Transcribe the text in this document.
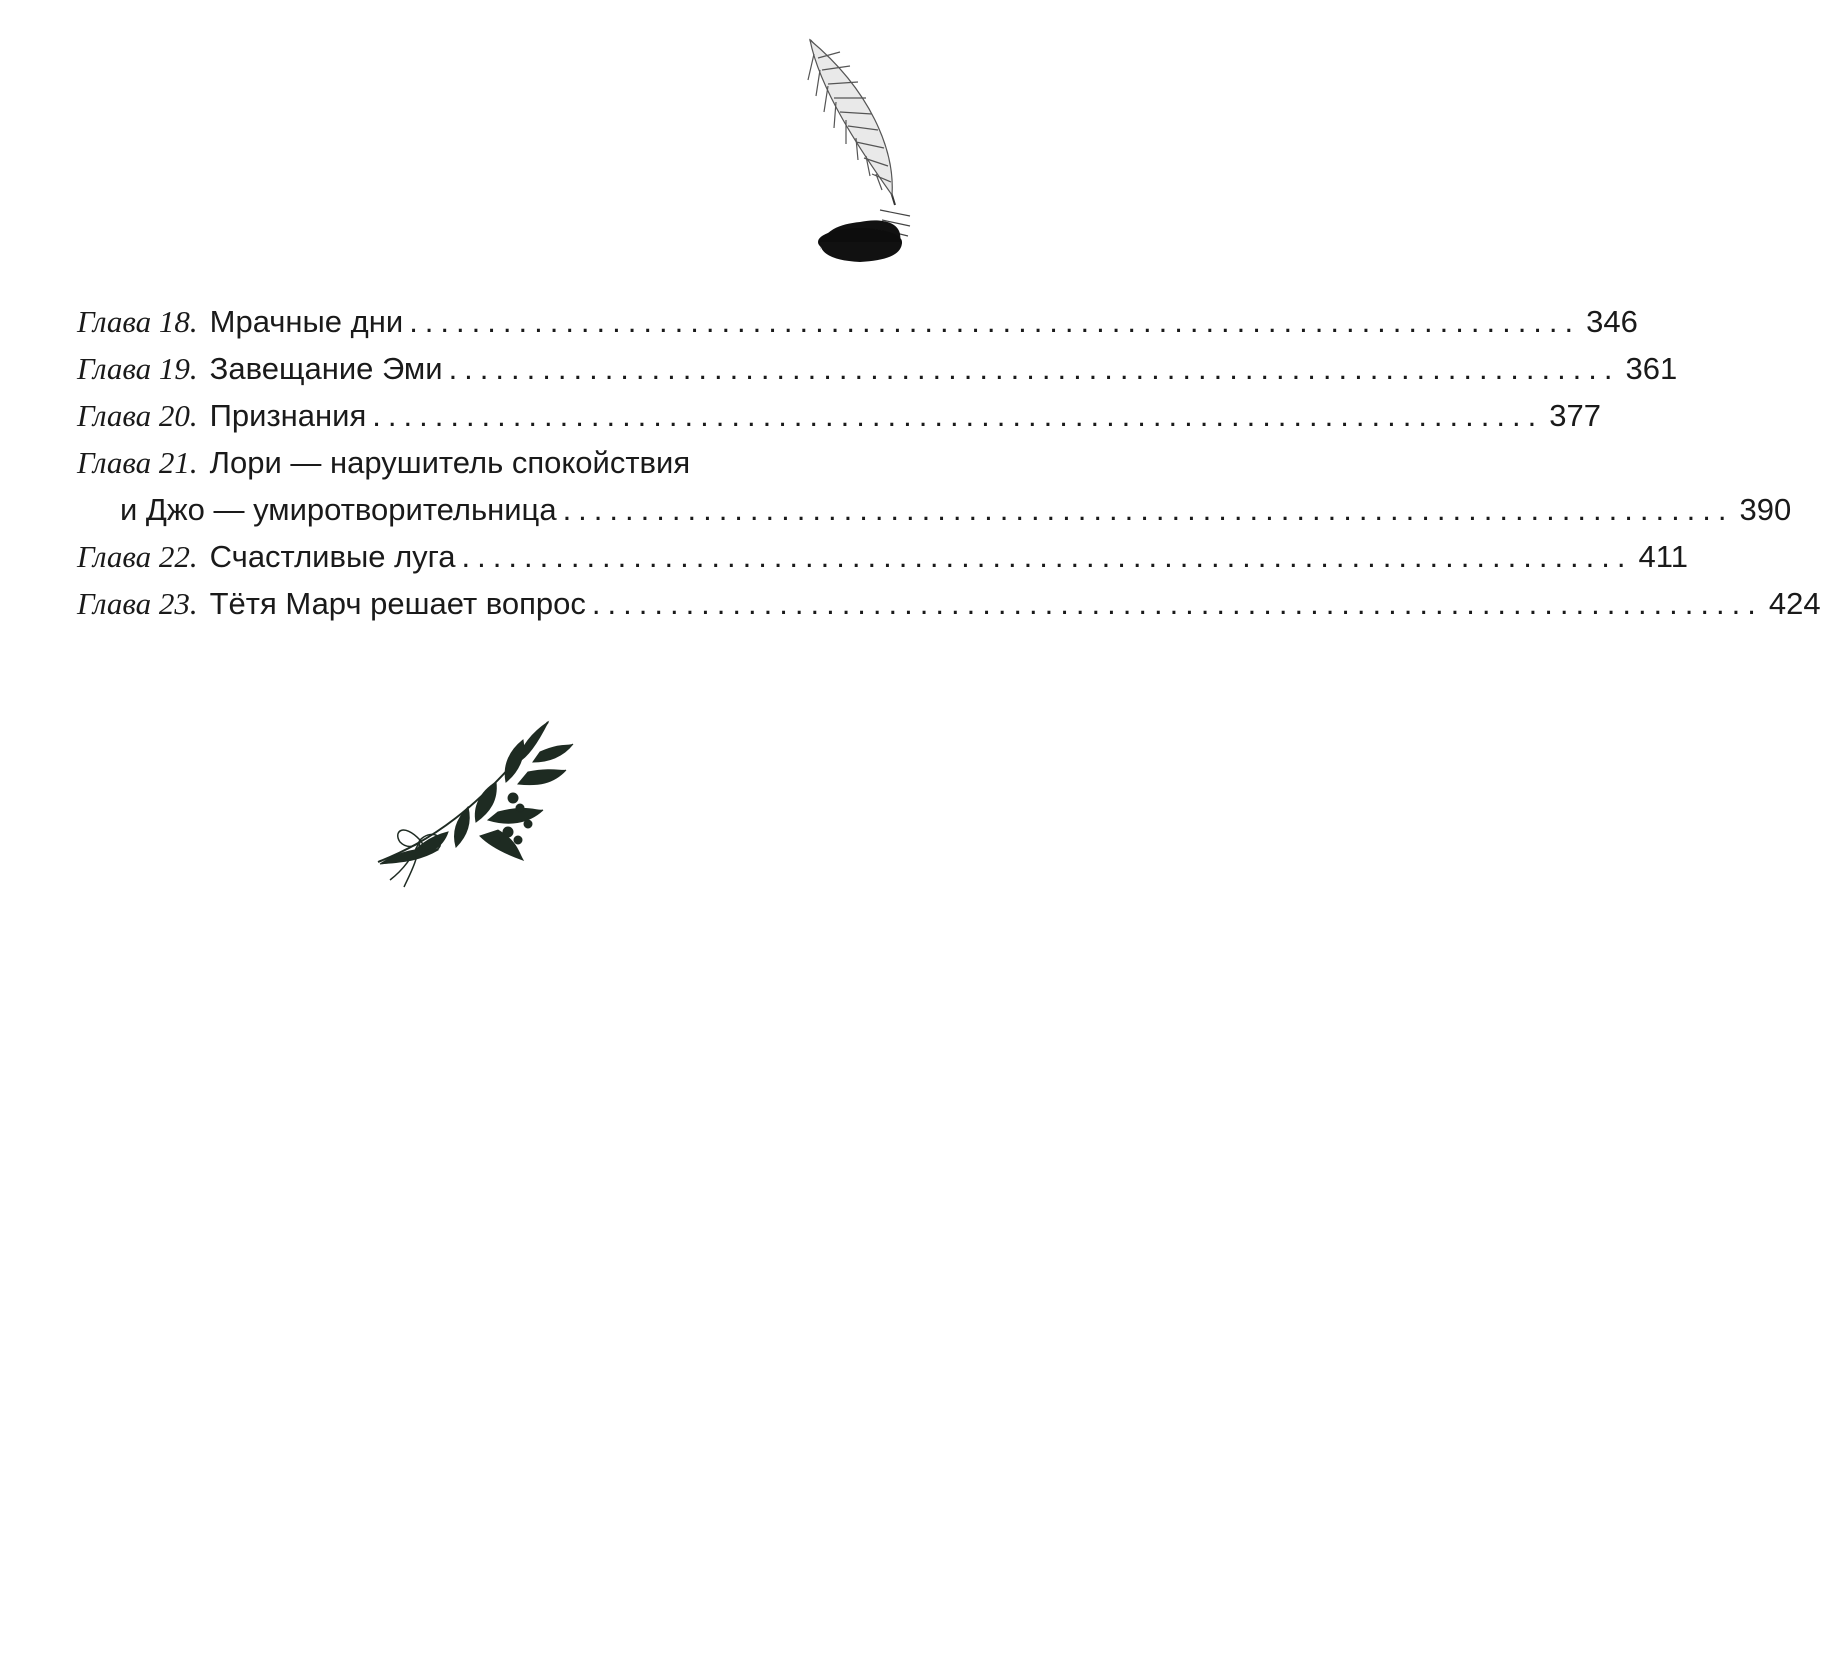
Глава 18. Мрачные дни ........................................................................... 346
Глава 19. Завещание Эми ........................................................................... 361
Глава 20. Признания ........................................................................... 377
Глава 21. Лори — нарушитель спокойствия
и Джо — умиротворительница ........................................................................... 390
Глава 22. Счастливые луга ........................................................................... 411
Глава 23. Тётя Марч решает вопрос ........................................................................... 424
